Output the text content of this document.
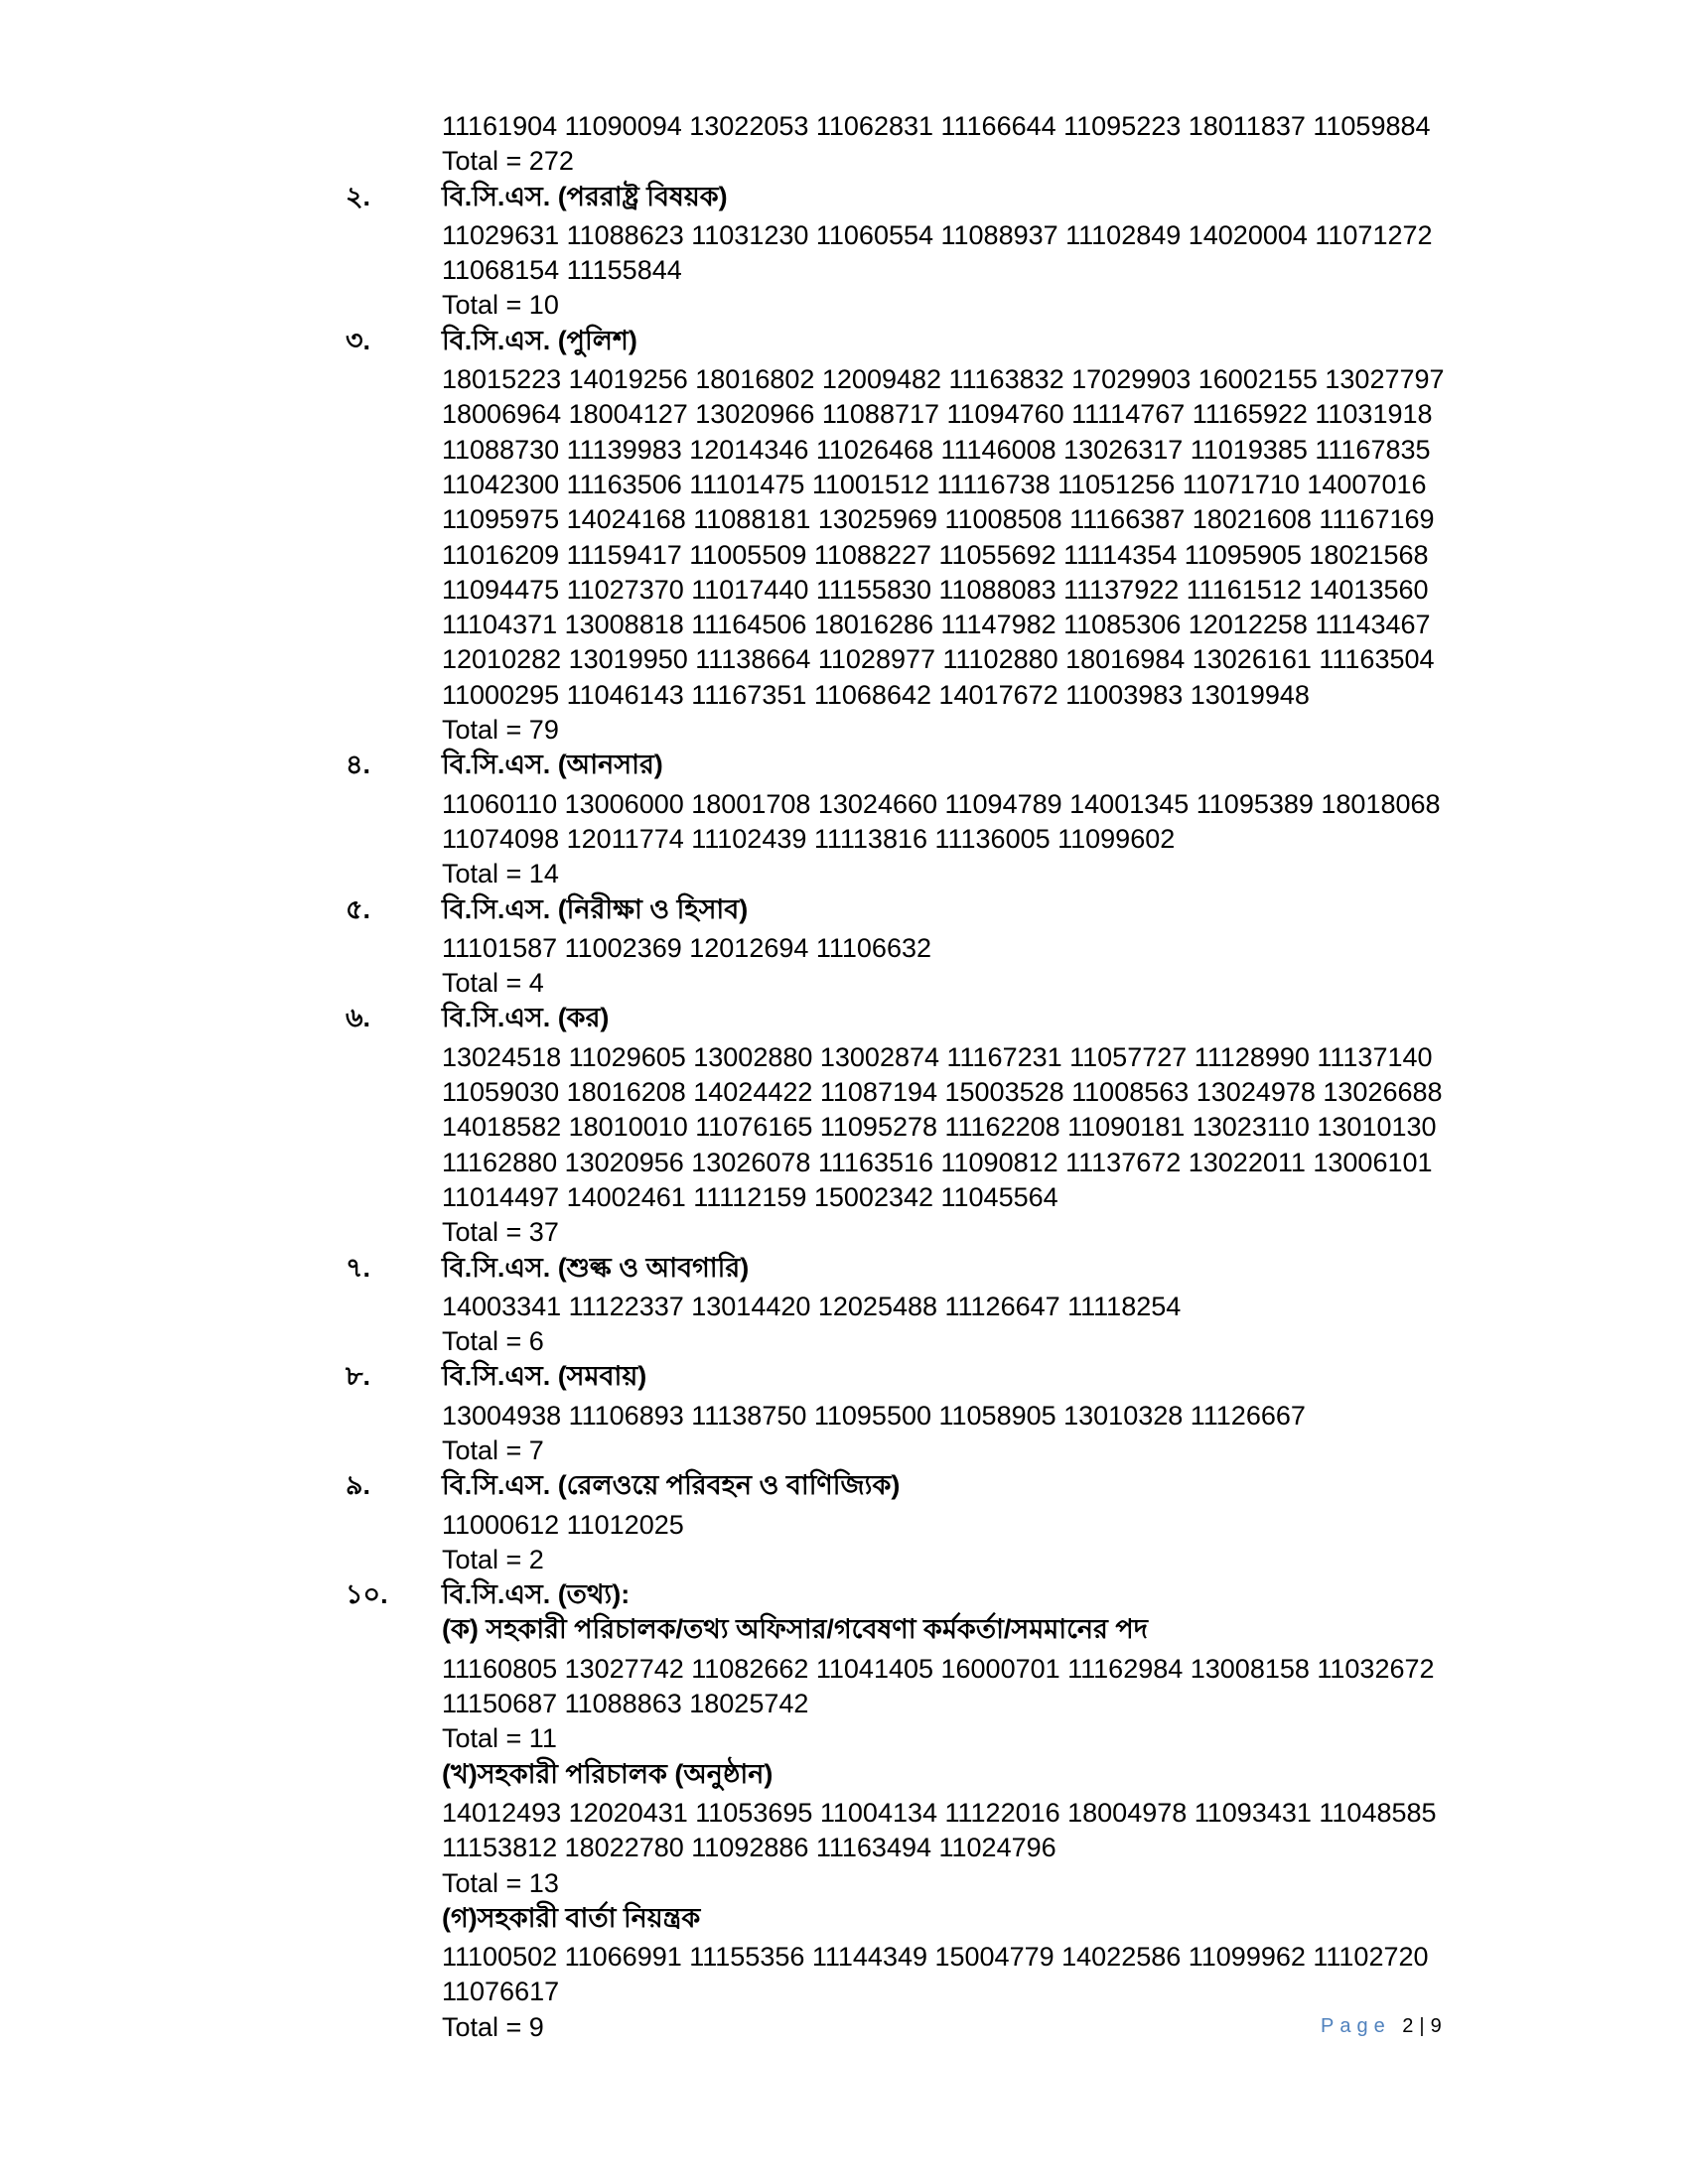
11161904 11090094 13022053 11062831 11166644 11095223 18011837 11059884
Total = 272
২.	বি.সি.এস. (পররাষ্ট্র বিষয়ক)
11029631 11088623 11031230 11060554 11088937 11102849 14020004 11071272
11068154 11155844
Total = 10
৩.	বি.সি.এস. (পুলিশ)
18015223 14019256 18016802 12009482 11163832 17029903 16002155 13027797
18006964 18004127 13020966 11088717 11094760 11114767 11165922 11031918
11088730 11139983 12014346 11026468 11146008 13026317 11019385 11167835
11042300 11163506 11101475 11001512 11116738 11051256 11071710 14007016
11095975 14024168 11088181 13025969 11008508 11166387 18021608 11167169
11016209 11159417 11005509 11088227 11055692 11114354 11095905 18021568
11094475 11027370 11017440 11155830 11088083 11137922 11161512 14013560
11104371 13008818 11164506 18016286 11147982 11085306 12012258 11143467
12010282 13019950 11138664 11028977 11102880 18016984 13026161 11163504
11000295 11046143 11167351 11068642 14017672 11003983 13019948
Total = 79
৪.	বি.সি.এস. (আনসার)
11060110 13006000 18001708 13024660 11094789 14001345 11095389 18018068
11074098 12011774 11102439 11113816 11136005 11099602
Total = 14
৫.	বি.সি.এস. (নিরীক্ষা ও হিসাব)
11101587 11002369 12012694 11106632
Total = 4
৬.	বি.সি.এস. (কর)
13024518 11029605 13002880 13002874 11167231 11057727 11128990 11137140
11059030 18016208 14024422 11087194 15003528 11008563 13024978 13026688
14018582 18010010 11076165 11095278 11162208 11090181 13023110 13010130
11162880 13020956 13026078 11163516 11090812 11137672 13022011 13006101
11014497 14002461 11112159 15002342 11045564
Total = 37
৭.	বি.সি.এস. (শুল্ক ও আবগারি)
14003341 11122337 13014420 12025488 11126647 11118254
Total = 6
৮.	বি.সি.এস. (সমবায়)
13004938 11106893 11138750 11095500 11058905 13010328 11126667
Total = 7
৯.	বি.সি.এস. (রেলওয়ে পরিবহন ও বাণিজ্যিক)
11000612 11012025
Total = 2
১০. বি.সি.এস. (তথ্য):
(ক) সহকারী পরিচালক/তথ্য অফিসার/গবেষণা কর্মকর্তা/সমমানের পদ
11160805 13027742 11082662 11041405 16000701 11162984 13008158 11032672
11150687 11088863 18025742
Total = 11
(খ)সহকারী পরিচালক (অনুষ্ঠান)
14012493 12020431 11053695 11004134 11122016 18004978 11093431 11048585
11153812 18022780 11092886 11163494 11024796
Total = 13
(গ)সহকারী বার্তা নিয়ন্ত্রক
11100502 11066991 11155356 11144349 15004779 14022586 11099962 11102720
11076617
Total = 9	Page 2 | 9
